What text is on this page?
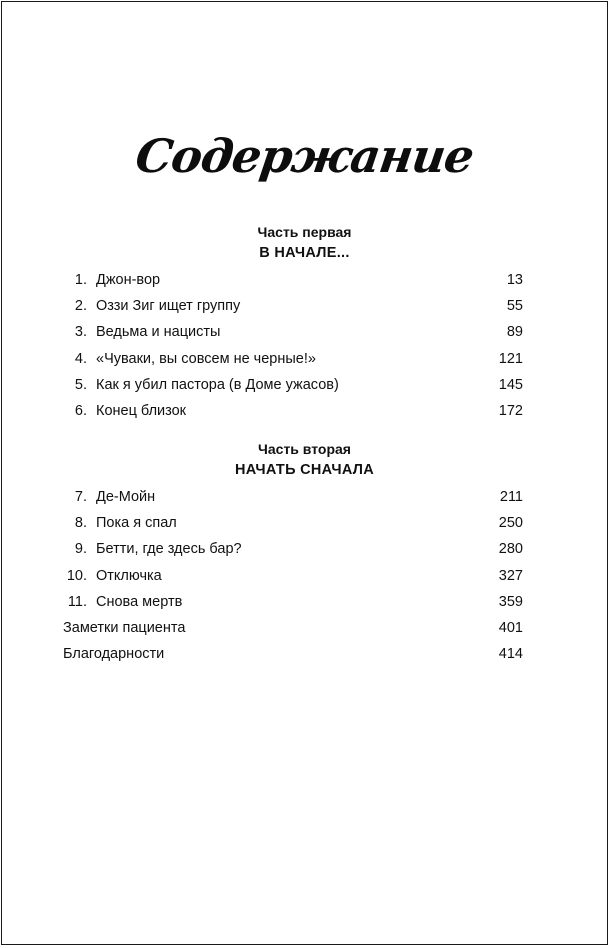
Содержание
Часть первая
В НАЧАЛЕ...
1. Джон-вор	13
2. Оззи Зиг ищет группу	55
3. Ведьма и нацисты	89
4. «Чуваки, вы совсем не черные!»	121
5. Как я убил пастора (в Доме ужасов)	145
6. Конец близок	172
Часть вторая
НАЧАТЬ СНАЧАЛА
7. Де-Мойн	211
8. Пока я спал	250
9. Бетти, где здесь бар?	280
10. Отключка	327
11. Снова мертв	359
Заметки пациента	401
Благодарности	414
